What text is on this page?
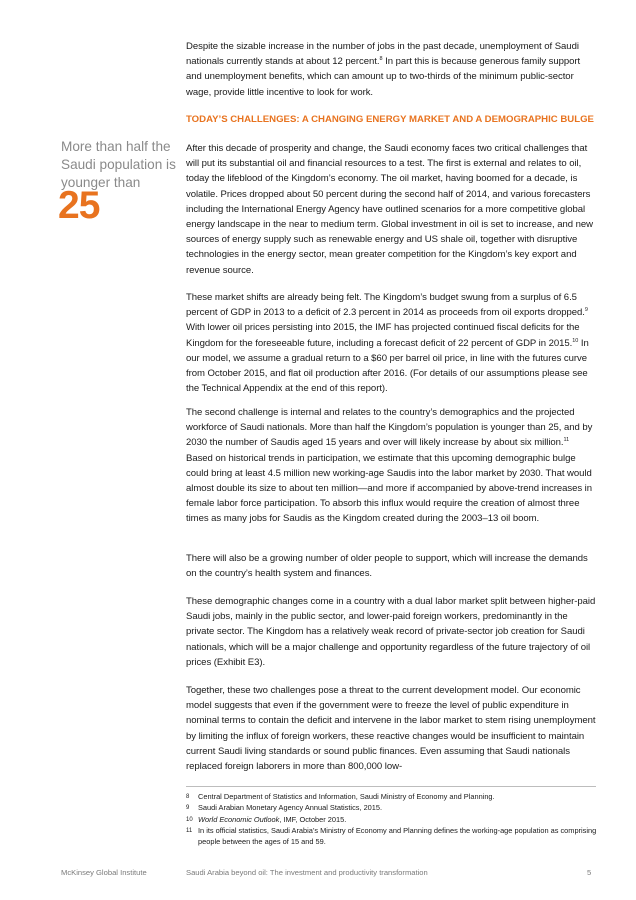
Despite the sizable increase in the number of jobs in the past decade, unemployment of Saudi nationals currently stands at about 12 percent.$^8$ In part this is because generous family support and unemployment benefits, which can amount up to two-thirds of the minimum public-sector wage, provide little incentive to look for work.

TODAY’S CHALLENGES: A CHANGING ENERGY MARKET AND A DEMOGRAPHIC BULGE
More than half the Saudi population is younger than
25

After this decade of prosperity and change, the Saudi economy faces two critical challenges that will put its substantial oil and financial resources to a test. The first is external and relates to oil, today the lifeblood of the Kingdom’s economy. The oil market, having boomed for a decade, is volatile. Prices dropped about 50 percent during the second half of 2014, and various forecasters including the International Energy Agency have outlined scenarios for a more competitive global energy landscape in the near to medium term. Global investment in oil is set to increase, and new sources of energy supply such as renewable energy and US shale oil, together with disruptive technologies in the energy sector, mean greater competition for the Kingdom’s key export and revenue source.

These market shifts are already being felt. The Kingdom’s budget swung from a surplus of 6.5 percent of GDP in 2013 to a deficit of 2.3 percent in 2014 as proceeds from oil exports dropped.$^9$ With lower oil prices persisting into 2015, the IMF has projected continued fiscal deficits for the Kingdom for the foreseeable future, including a forecast deficit of 22 percent of GDP in 2015.10 In our model, we assume a gradual return to a $60 per barrel oil price, in line with the futures curve from October 2015, and flat oil production after 2016. (For details of our assumptions please see the Technical Appendix at the end of this report).

The second challenge is internal and relates to the country’s demographics and the projected workforce of Saudi nationals. More than half the Kingdom’s population is younger than 25, and by 2030 the number of Saudis aged 15 years and over will likely increase by about six million.$^{11}$ Based on historical trends in participation, we estimate that this upcoming demographic bulge could bring at least 4.5 million new working-age Saudis into the labor market by 2030. That would almost double its size to about ten million—and more if accompanied by above-trend increases in female labor force participation. To absorb this influx would require the creation of almost three times as many jobs for Saudis as the Kingdom created during the 2003–13 oil boom.

There will also be a growing number of older people to support, which will increase the demands on the country’s health system and finances.

These demographic changes come in a country with a dual labor market split between higher-paid Saudi jobs, mainly in the public sector, and lower-paid foreign workers, predominantly in the private sector. The Kingdom has a relatively weak record of private-sector job creation for Saudi nationals, which will be a major challenge and opportunity regardless of the future trajectory of oil prices (Exhibit E3).

Together, these two challenges pose a threat to the current development model. Our economic model suggests that even if the government were to freeze the level of public expenditure in nominal terms to contain the deficit and intervene in the labor market to stem rising unemployment by limiting the influx of foreign workers, these reactive changes would be insufficient to maintain current Saudi living standards or sound public finances. Even assuming that Saudi nationals replaced foreign laborers in more than 800,000 low-

8 Central Department of Statistics and Information, Saudi Ministry of Economy and Planning.

9 Saudi Arabian Monetary Agency Annual Statistics, 2015.

10 World Economic Outlook, IMF, October 2015.

11 In its official statistics, Saudi Arabia’s Ministry of Economy and Planning defines the working-age population as comprising people between the ages of 15 and 59.

McKinsey Global Institute	Saudi Arabia beyond oil: The investment and productivity transformation	5
